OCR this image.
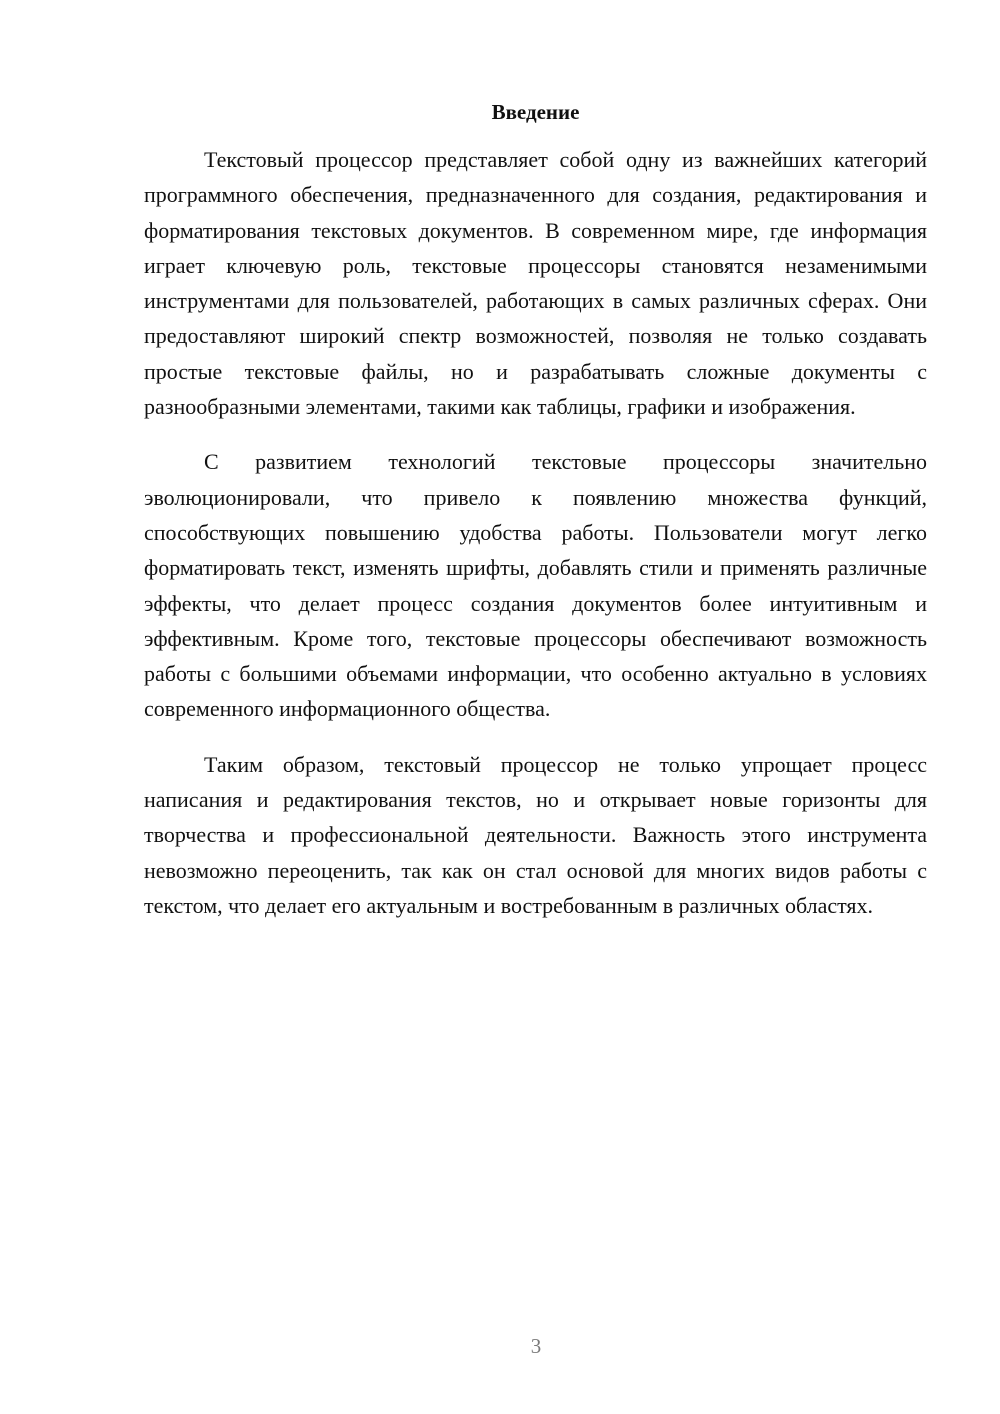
Введение

Текстовый процессор представляет собой одну из важнейших категорий программного обеспечения, предназначенного для создания, редактирования и форматирования текстовых документов. В современном мире, где информация играет ключевую роль, текстовые процессоры становятся незаменимыми инструментами для пользователей, работающих в самых различных сферах. Они предоставляют широкий спектр возможностей, позволяя не только создавать простые текстовые файлы, но и разрабатывать сложные документы с разнообразными элементами, такими как таблицы, графики и изображения.

С развитием технологий текстовые процессоры значительно эволюционировали, что привело к появлению множества функций, способствующих повышению удобства работы. Пользователи могут легко форматировать текст, изменять шрифты, добавлять стили и применять различные эффекты, что делает процесс создания документов более интуитивным и эффективным. Кроме того, текстовые процессоры обеспечивают возможность работы с большими объемами информации, что особенно актуально в условиях современного информационного общества.

Таким образом, текстовый процессор не только упрощает процесс написания и редактирования текстов, но и открывает новые горизонты для творчества и профессиональной деятельности. Важность этого инструмента невозможно переоценить, так как он стал основой для многих видов работы с текстом, что делает его актуальным и востребованным в различных областях.

3
